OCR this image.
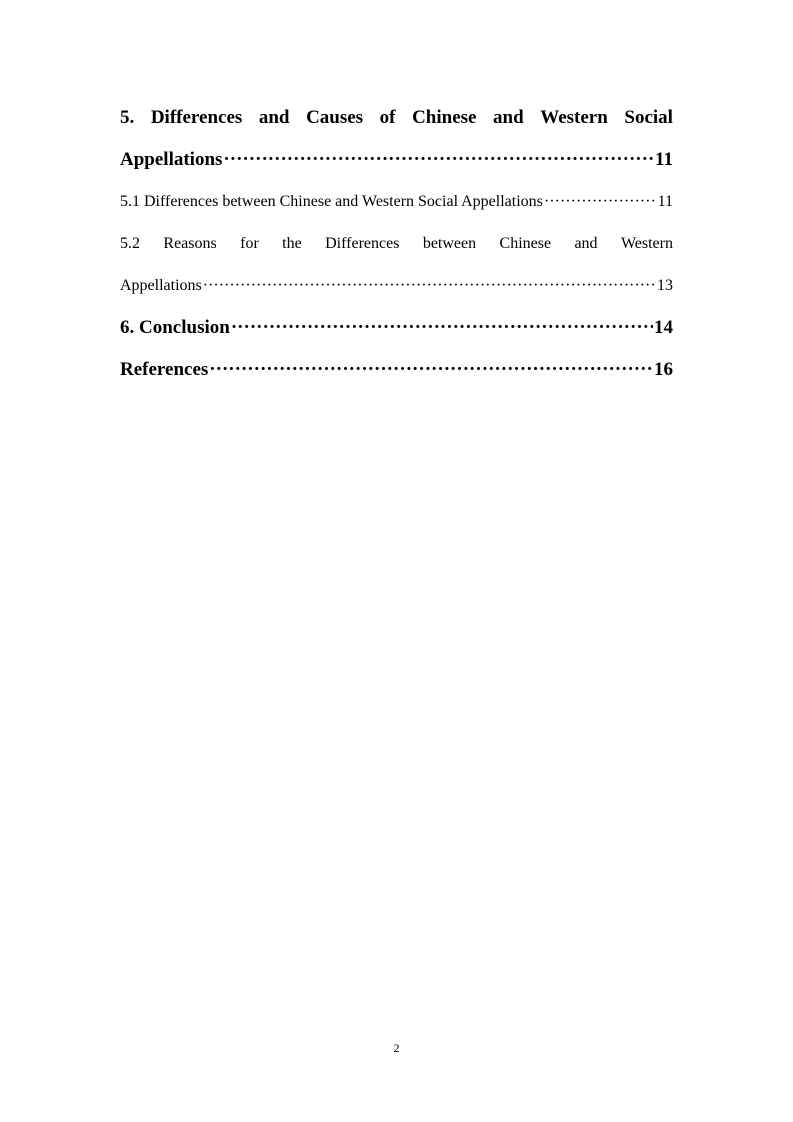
5. Differences and Causes of Chinese and Western Social
Appellations ·····	11
5.1 Differences between Chinese and Western Social Appellations ·····	11
5.2 Reasons for the Differences between Chinese and Western
Appellations ·····	13
6. Conclusion ·····	14
References ·····	16
2
